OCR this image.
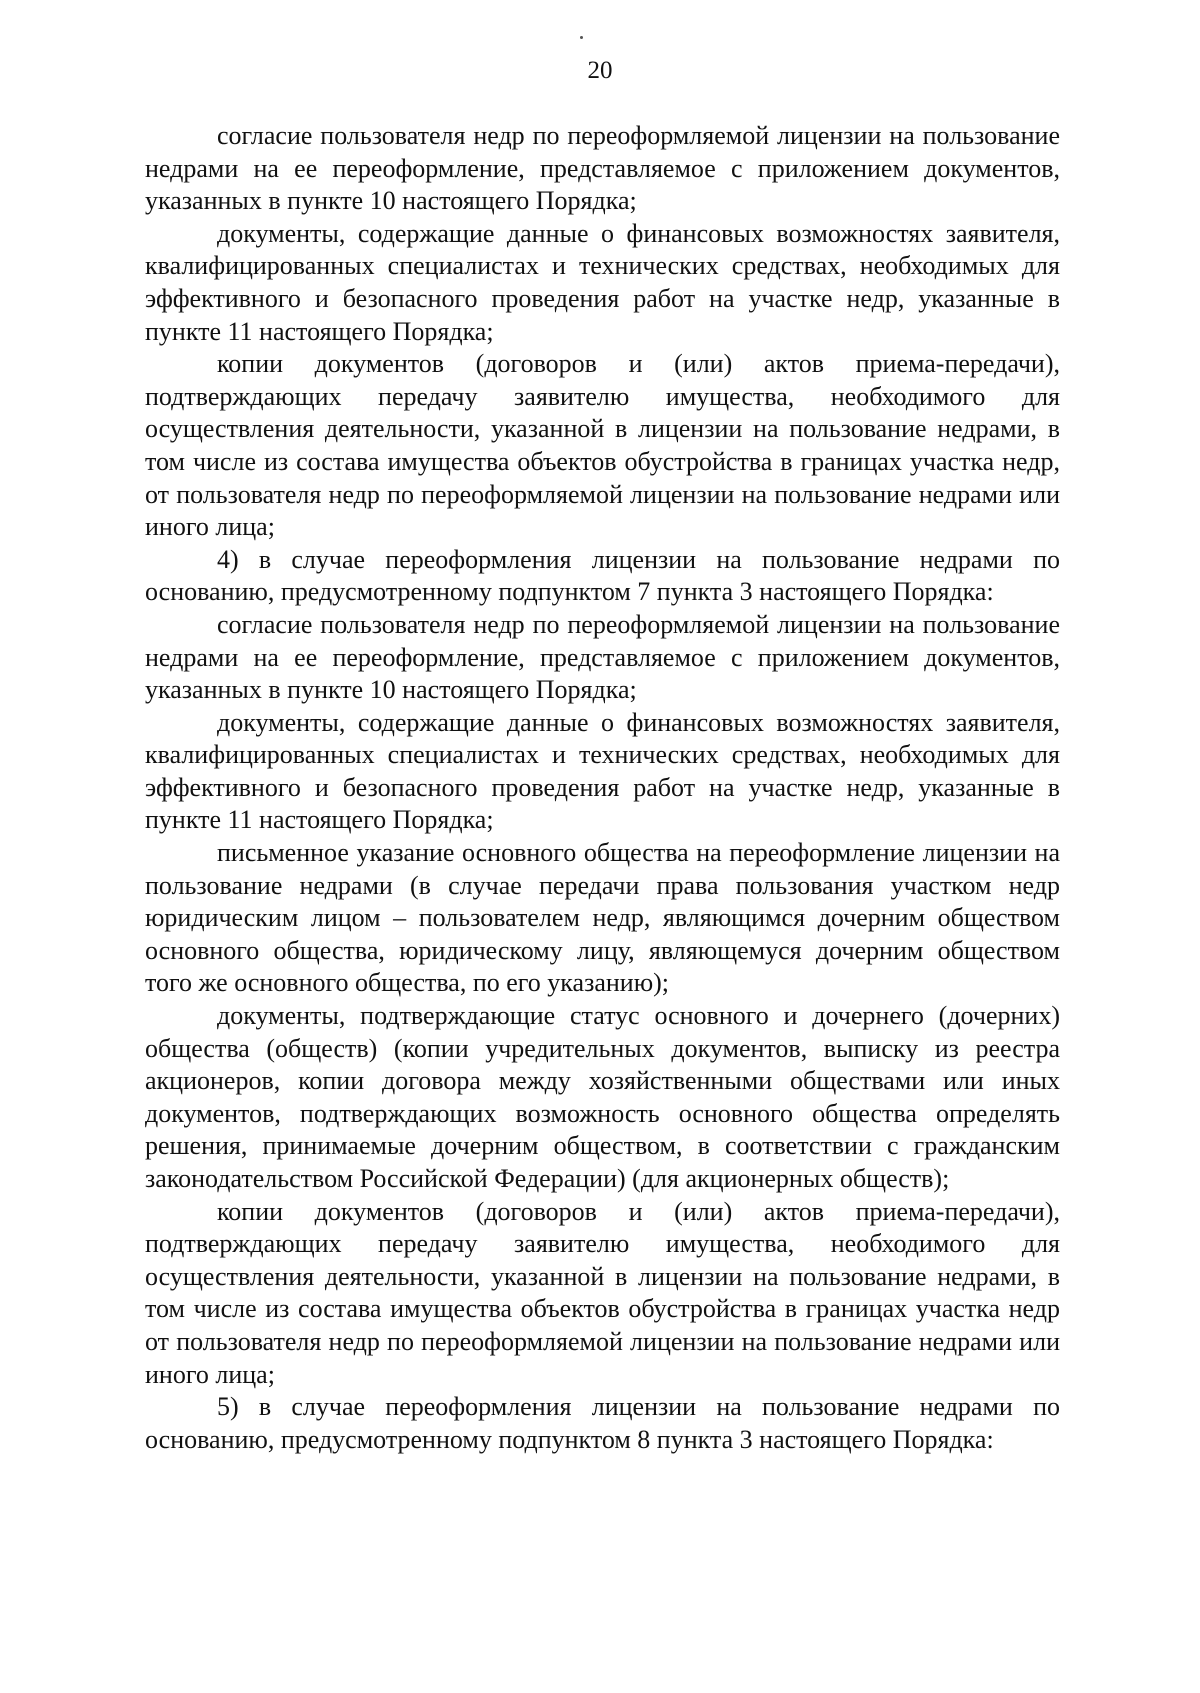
20

согласие пользователя недр по переоформляемой лицензии на пользование недрами на ее переоформление, представляемое с приложением документов, указанных в пункте 10 настоящего Порядка;

документы, содержащие данные о финансовых возможностях заявителя, квалифицированных специалистах и технических средствах, необходимых для эффективного и безопасного проведения работ на участке недр, указанные в пункте 11 настоящего Порядка;

копии документов (договоров и (или) актов приема-передачи), подтверждающих передачу заявителю имущества, необходимого для осуществления деятельности, указанной в лицензии на пользование недрами, в том числе из состава имущества объектов обустройства в границах участка недр, от пользователя недр по переоформляемой лицензии на пользование недрами или иного лица;

4) в случае переоформления лицензии на пользование недрами по основанию, предусмотренному подпунктом 7 пункта 3 настоящего Порядка:

согласие пользователя недр по переоформляемой лицензии на пользование недрами на ее переоформление, представляемое с приложением документов, указанных в пункте 10 настоящего Порядка;

документы, содержащие данные о финансовых возможностях заявителя, квалифицированных специалистах и технических средствах, необходимых для эффективного и безопасного проведения работ на участке недр, указанные в пункте 11 настоящего Порядка;

письменное указание основного общества на переоформление лицензии на пользование недрами (в случае передачи права пользования участком недр юридическим лицом – пользователем недр, являющимся дочерним обществом основного общества, юридическому лицу, являющемуся дочерним обществом того же основного общества, по его указанию);

документы, подтверждающие статус основного и дочернего (дочерних) общества (обществ) (копии учредительных документов, выписку из реестра акционеров, копии договора между хозяйственными обществами или иных документов, подтверждающих возможность основного общества определять решения, принимаемые дочерним обществом, в соответствии с гражданским законодательством Российской Федерации) (для акционерных обществ);

копии документов (договоров и (или) актов приема-передачи), подтверждающих передачу заявителю имущества, необходимого для осуществления деятельности, указанной в лицензии на пользование недрами, в том числе из состава имущества объектов обустройства в границах участка недр от пользователя недр по переоформляемой лицензии на пользование недрами или иного лица;

5) в случае переоформления лицензии на пользование недрами по основанию, предусмотренному подпунктом 8 пункта 3 настоящего Порядка:
